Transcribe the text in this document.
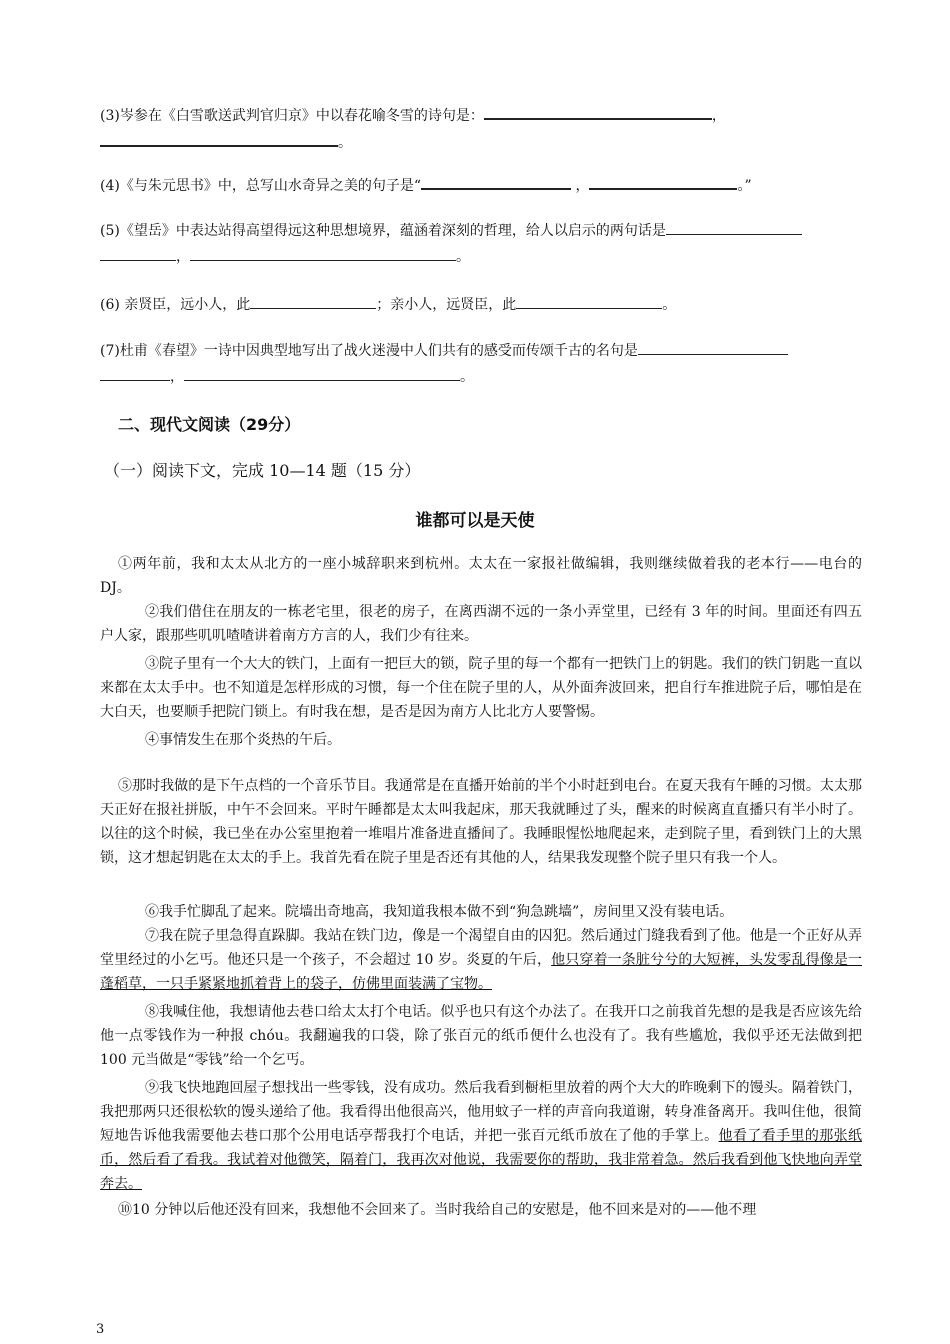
(3)岑参在《白雪歌送武判官归京》中以春花喻冬雪的诗句是：	，
。
(4)《与朱元思书》中，总写山水奇异之美的句子是“	，	。”
(5)《望岳》中表达站得高望得远这种思想境界，蕴涵着深刻的哲理，给人以启示的两句话是
，	。
(6) 亲贤臣，远小人，此	；亲小人，远贤臣，此	。
(7)杜甫《春望》一诗中因典型地写出了战火迷漫中人们共有的感受而传颂千古的名句是
，	。
二、现代文阅读（29分）
（一）阅读下文，完成 10—14 题（15 分）
谁都可以是天使
①两年前，我和太太从北方的一座小城辞职来到杭州。太太在一家报社做编辑，我则继续做着我的老本行——电台的 DJ。
②我们借住在朋友的一栋老宅里，很老的房子，在离西湖不远的一条小弄堂里，已经有 3 年的时间。里面还有四五户人家，跟那些叽叽喳喳讲着南方方言的人，我们少有往来。
③院子里有一个大大的铁门，上面有一把巨大的锁，院子里的每一个都有一把铁门上的钥匙。我们的铁门钥匙一直以来都在太太手中。也不知道是怎样形成的习惯，每一个住在院子里的人，从外面奔波回来，把自行车推进院子后，哪怕是在大白天，也要顺手把院门锁上。有时我在想，是否是因为南方人比北方人要警惕。
④事情发生在那个炎热的午后。
⑤那时我做的是下午点档的一个音乐节目。我通常是在直播开始前的半个小时赶到电台。在夏天我有午睡的习惯。太太那天正好在报社拼版，中午不会回来。平时午睡都是太太叫我起床，那天我就睡过了头，醒来的时候离直直播只有半小时了。以往的这个时候，我已坐在办公室里抱着一堆唱片准备进直播间了。我睡眼惺忪地爬起来，走到院子里，看到铁门上的大黑锁，这才想起钥匙在太太的手上。我首先看在院子里是否还有其他的人，结果我发现整个院子里只有我一个人。
⑥我手忙脚乱了起来。院墙出奇地高，我知道我根本做不到“狗急跳墙”，房间里又没有装电话。
⑦我在院子里急得直跺脚。我站在铁门边，像是一个渴望自由的囚犯。然后通过门缝我看到了他。他是一个正好从弄堂里经过的小乞丐。他还只是一个孩子，不会超过 10 岁。炎夏的午后，他只穿着一条脏兮兮的大短裤，头发零乱得像是一蓬稻草，一只手紧紧地抓着背上的袋子，仿佛里面装满了宝物。
⑧我喊住他，我想请他去巷口给太太打个电话。似乎也只有这个办法了。在我开口之前我首先想的是我是否应该先给他一点零钱作为一种报 chóu。我翻遍我的口袋，除了张百元的纸币便什么也没有了。我有些尴尬，我似乎还无法做到把 100 元当做是“零钱”给一个乞丐。
⑨我飞快地跑回屋子想找出一些零钱，没有成功。然后我看到橱柜里放着的两个大大的昨晚剩下的馒头。隔着铁门，我把那两只还很松软的馒头递给了他。我看得出他很高兴，他用蚊子一样的声音向我道谢，转身准备离开。我叫住他，很简短地告诉他我需要他去巷口那个公用电话亭帮我打个电话，并把一张百元纸币放在了他的手掌上。他看了看手里的那张纸币，然后看了看我。我试着对他微笑，隔着门，我再次对他说，我需要你的帮助，我非常着急。然后我看到他飞快地向弄堂奔去。
⑩10 分钟以后他还没有回来，我想他不会回来了。当时我给自己的安慰是，他不回来是对的——他不理
3
